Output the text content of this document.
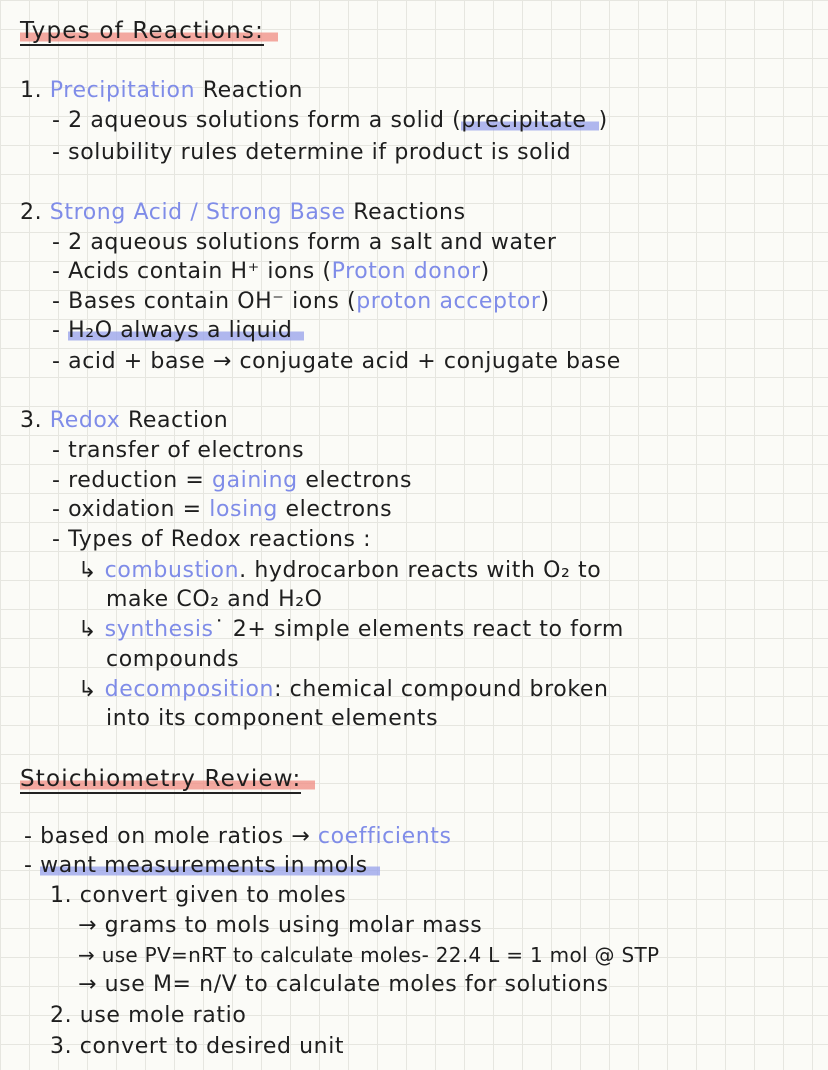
Types of Reactions:
1. Precipitation Reaction
- 2 aqueous solutions form a solid (precipitate )
- solubility rules determine if product is solid
2. Strong Acid / Strong Base Reactions
- 2 aqueous solutions form a salt and water
- Acids contain H⁺ ions (Proton donor)
- Bases contain OH⁻ ions (proton acceptor)
- H₂O always a liquid
- acid + base → conjugate acid + conjugate base
3. Redox Reaction
- transfer of electrons
- reduction = gaining electrons
- oxidation = losing electrons
- Types of Redox reactions :
↳ combustion. hydrocarbon reacts with O₂ to
make CO₂ and H₂O
↳ synthesis˙ 2+ simple elements react to form
compounds
↳ decomposition: chemical compound broken
into its component elements
Stoichiometry Review:
- based on mole ratios → coefficients
- want measurements in mols
1. convert given to moles
→ grams to mols using molar mass
→ use PV=nRT to calculate moles- 22.4 L = 1 mol @ STP
→ use M= n/V to calculate moles for solutions
2. use mole ratio
3. convert to desired unit
